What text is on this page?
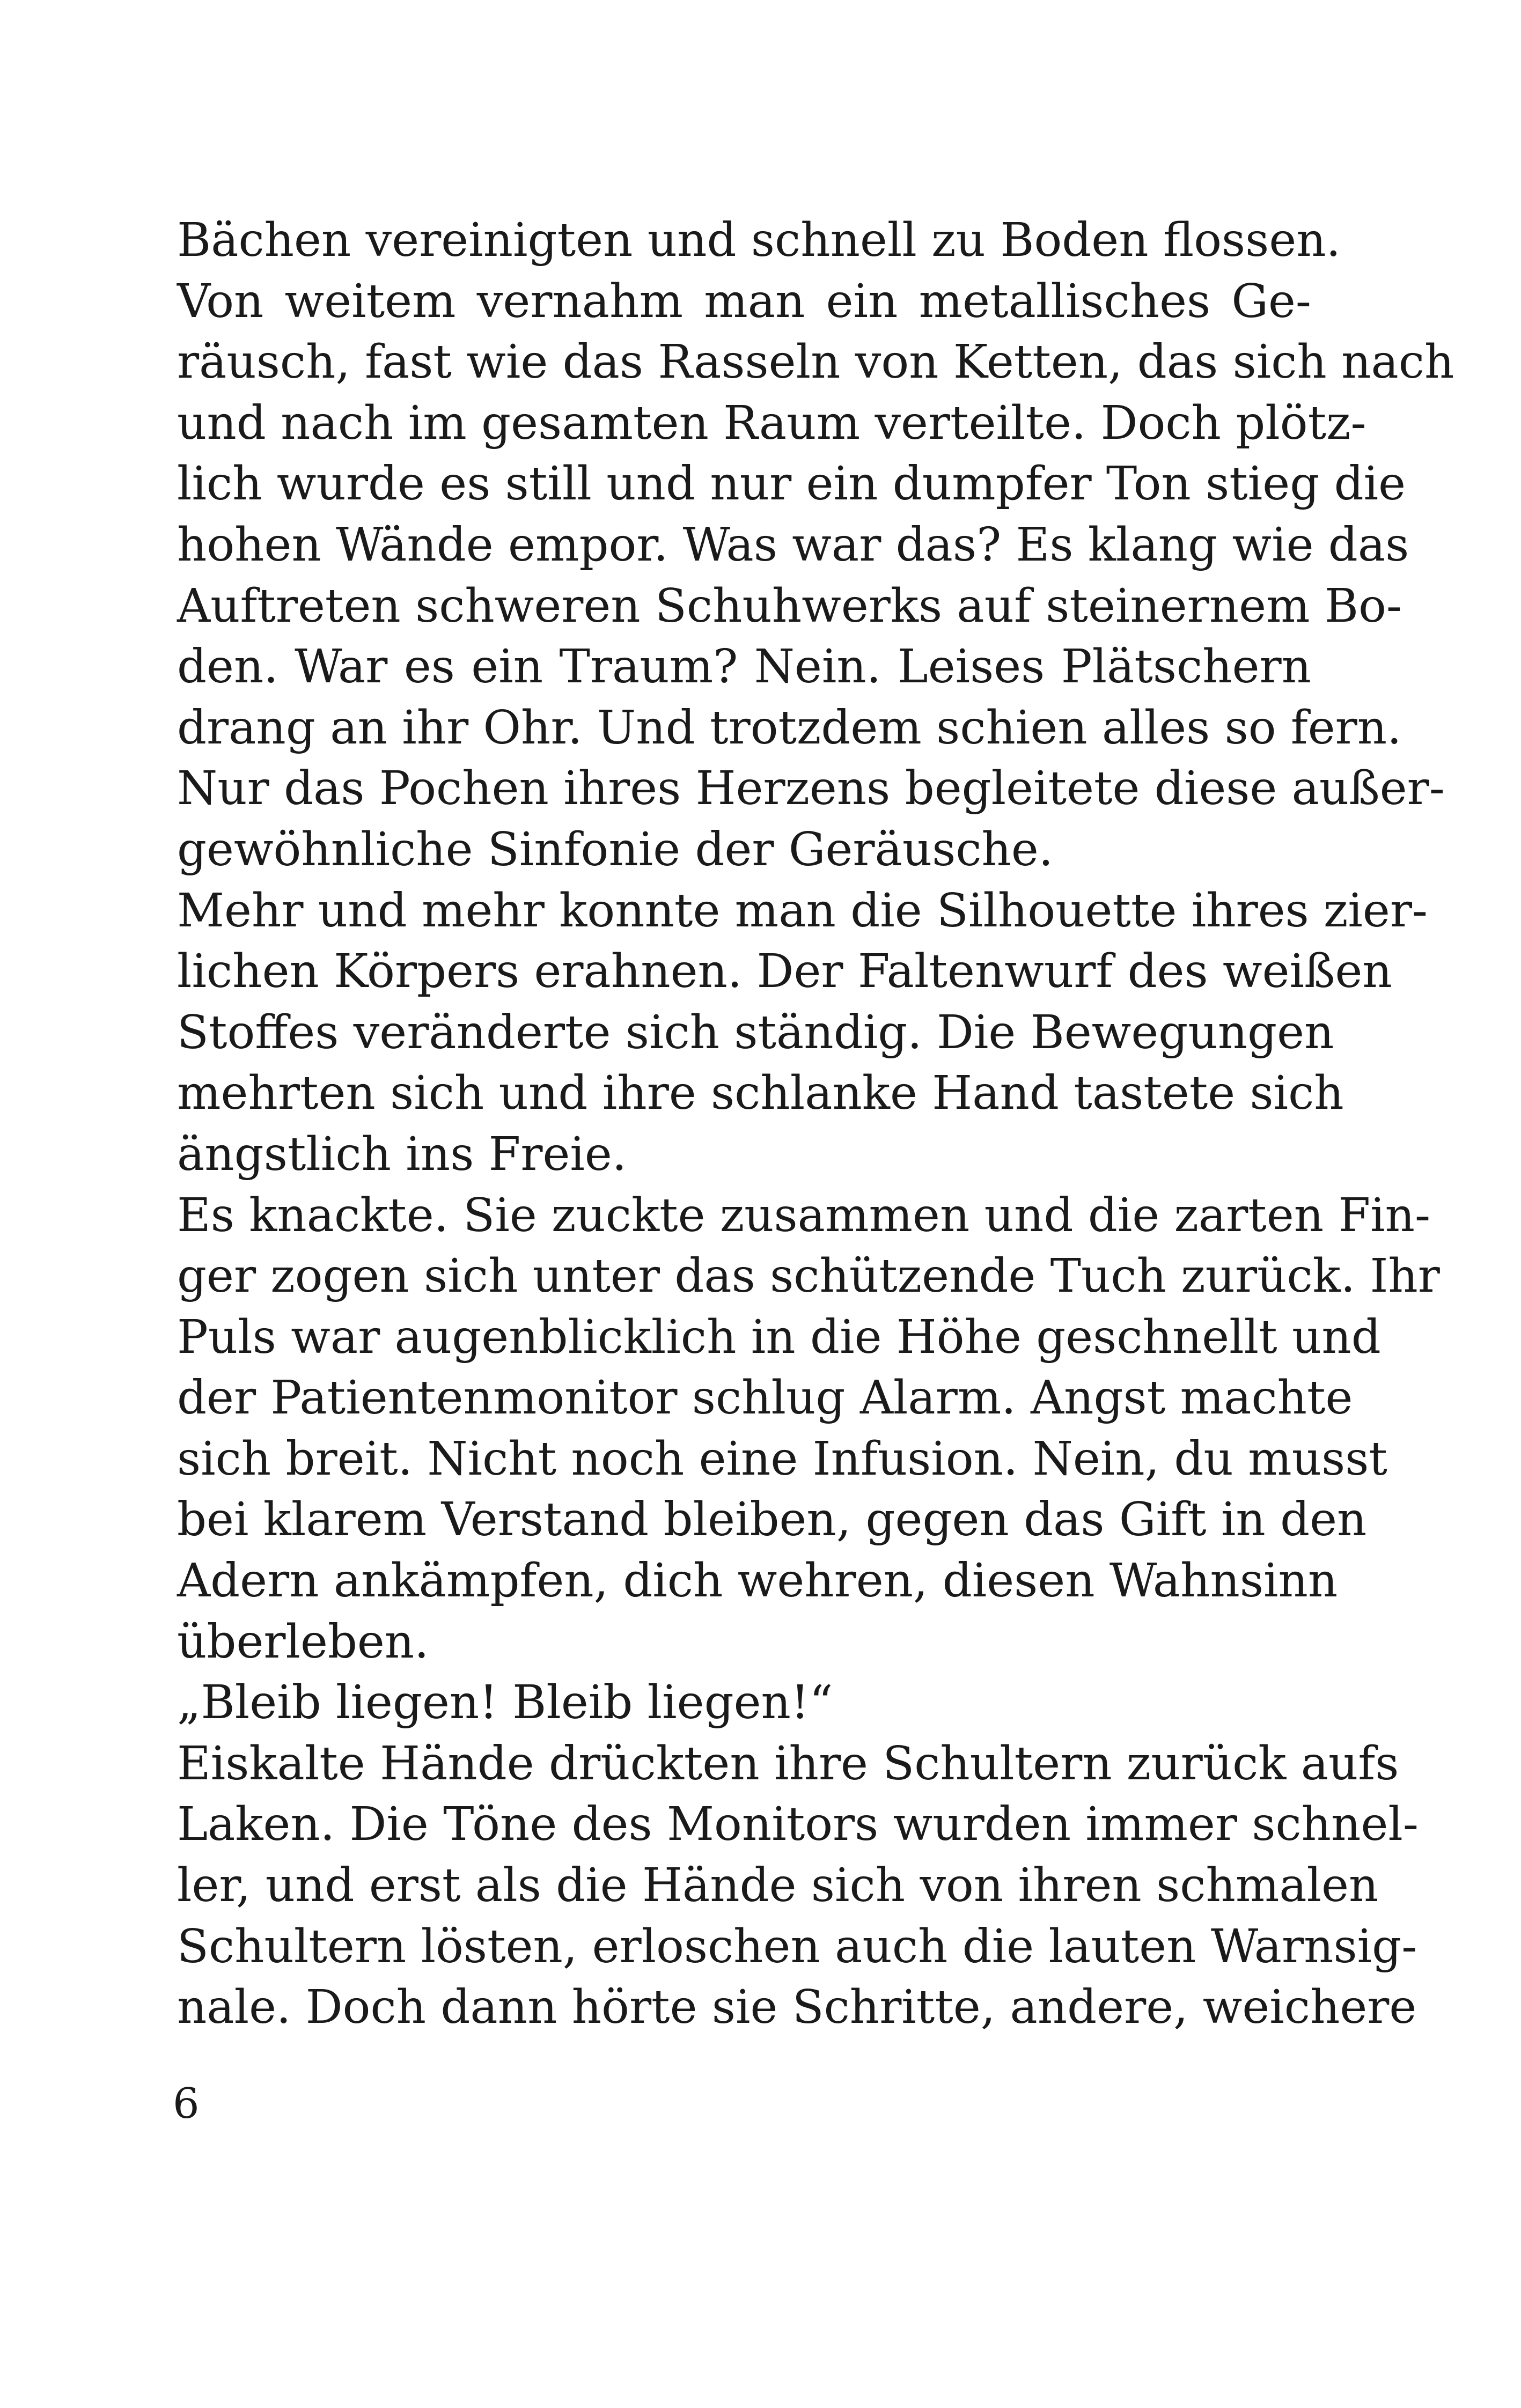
Bächen vereinigten und schnell zu Boden flossen.
Von weitem vernahm man ein metallisches Ge-
räusch, fast wie das Rasseln von Ketten, das sich nach
und nach im gesamten Raum verteilte. Doch plötz-
lich wurde es still und nur ein dumpfer Ton stieg die
hohen Wände empor. Was war das? Es klang wie das
Auftreten schweren Schuhwerks auf steinernem Bo-
den. War es ein Traum? Nein. Leises Plätschern
drang an ihr Ohr. Und trotzdem schien alles so fern.
Nur das Pochen ihres Herzens begleitete diese außer-
gewöhnliche Sinfonie der Geräusche.
Mehr und mehr konnte man die Silhouette ihres zier-
lichen Körpers erahnen. Der Faltenwurf des weißen
Stoffes veränderte sich ständig. Die Bewegungen
mehrten sich und ihre schlanke Hand tastete sich
ängstlich ins Freie.
Es knackte. Sie zuckte zusammen und die zarten Fin-
ger zogen sich unter das schützende Tuch zurück. Ihr
Puls war augenblicklich in die Höhe geschnellt und
der Patientenmonitor schlug Alarm. Angst machte
sich breit. Nicht noch eine Infusion. Nein, du musst
bei klarem Verstand bleiben, gegen das Gift in den
Adern ankämpfen, dich wehren, diesen Wahnsinn
überleben.
„Bleib liegen! Bleib liegen!“
Eiskalte Hände drückten ihre Schultern zurück aufs
Laken. Die Töne des Monitors wurden immer schnel-
ler, und erst als die Hände sich von ihren schmalen
Schultern lösten, erloschen auch die lauten Warnsig-
nale. Doch dann hörte sie Schritte, andere, weichere
6
